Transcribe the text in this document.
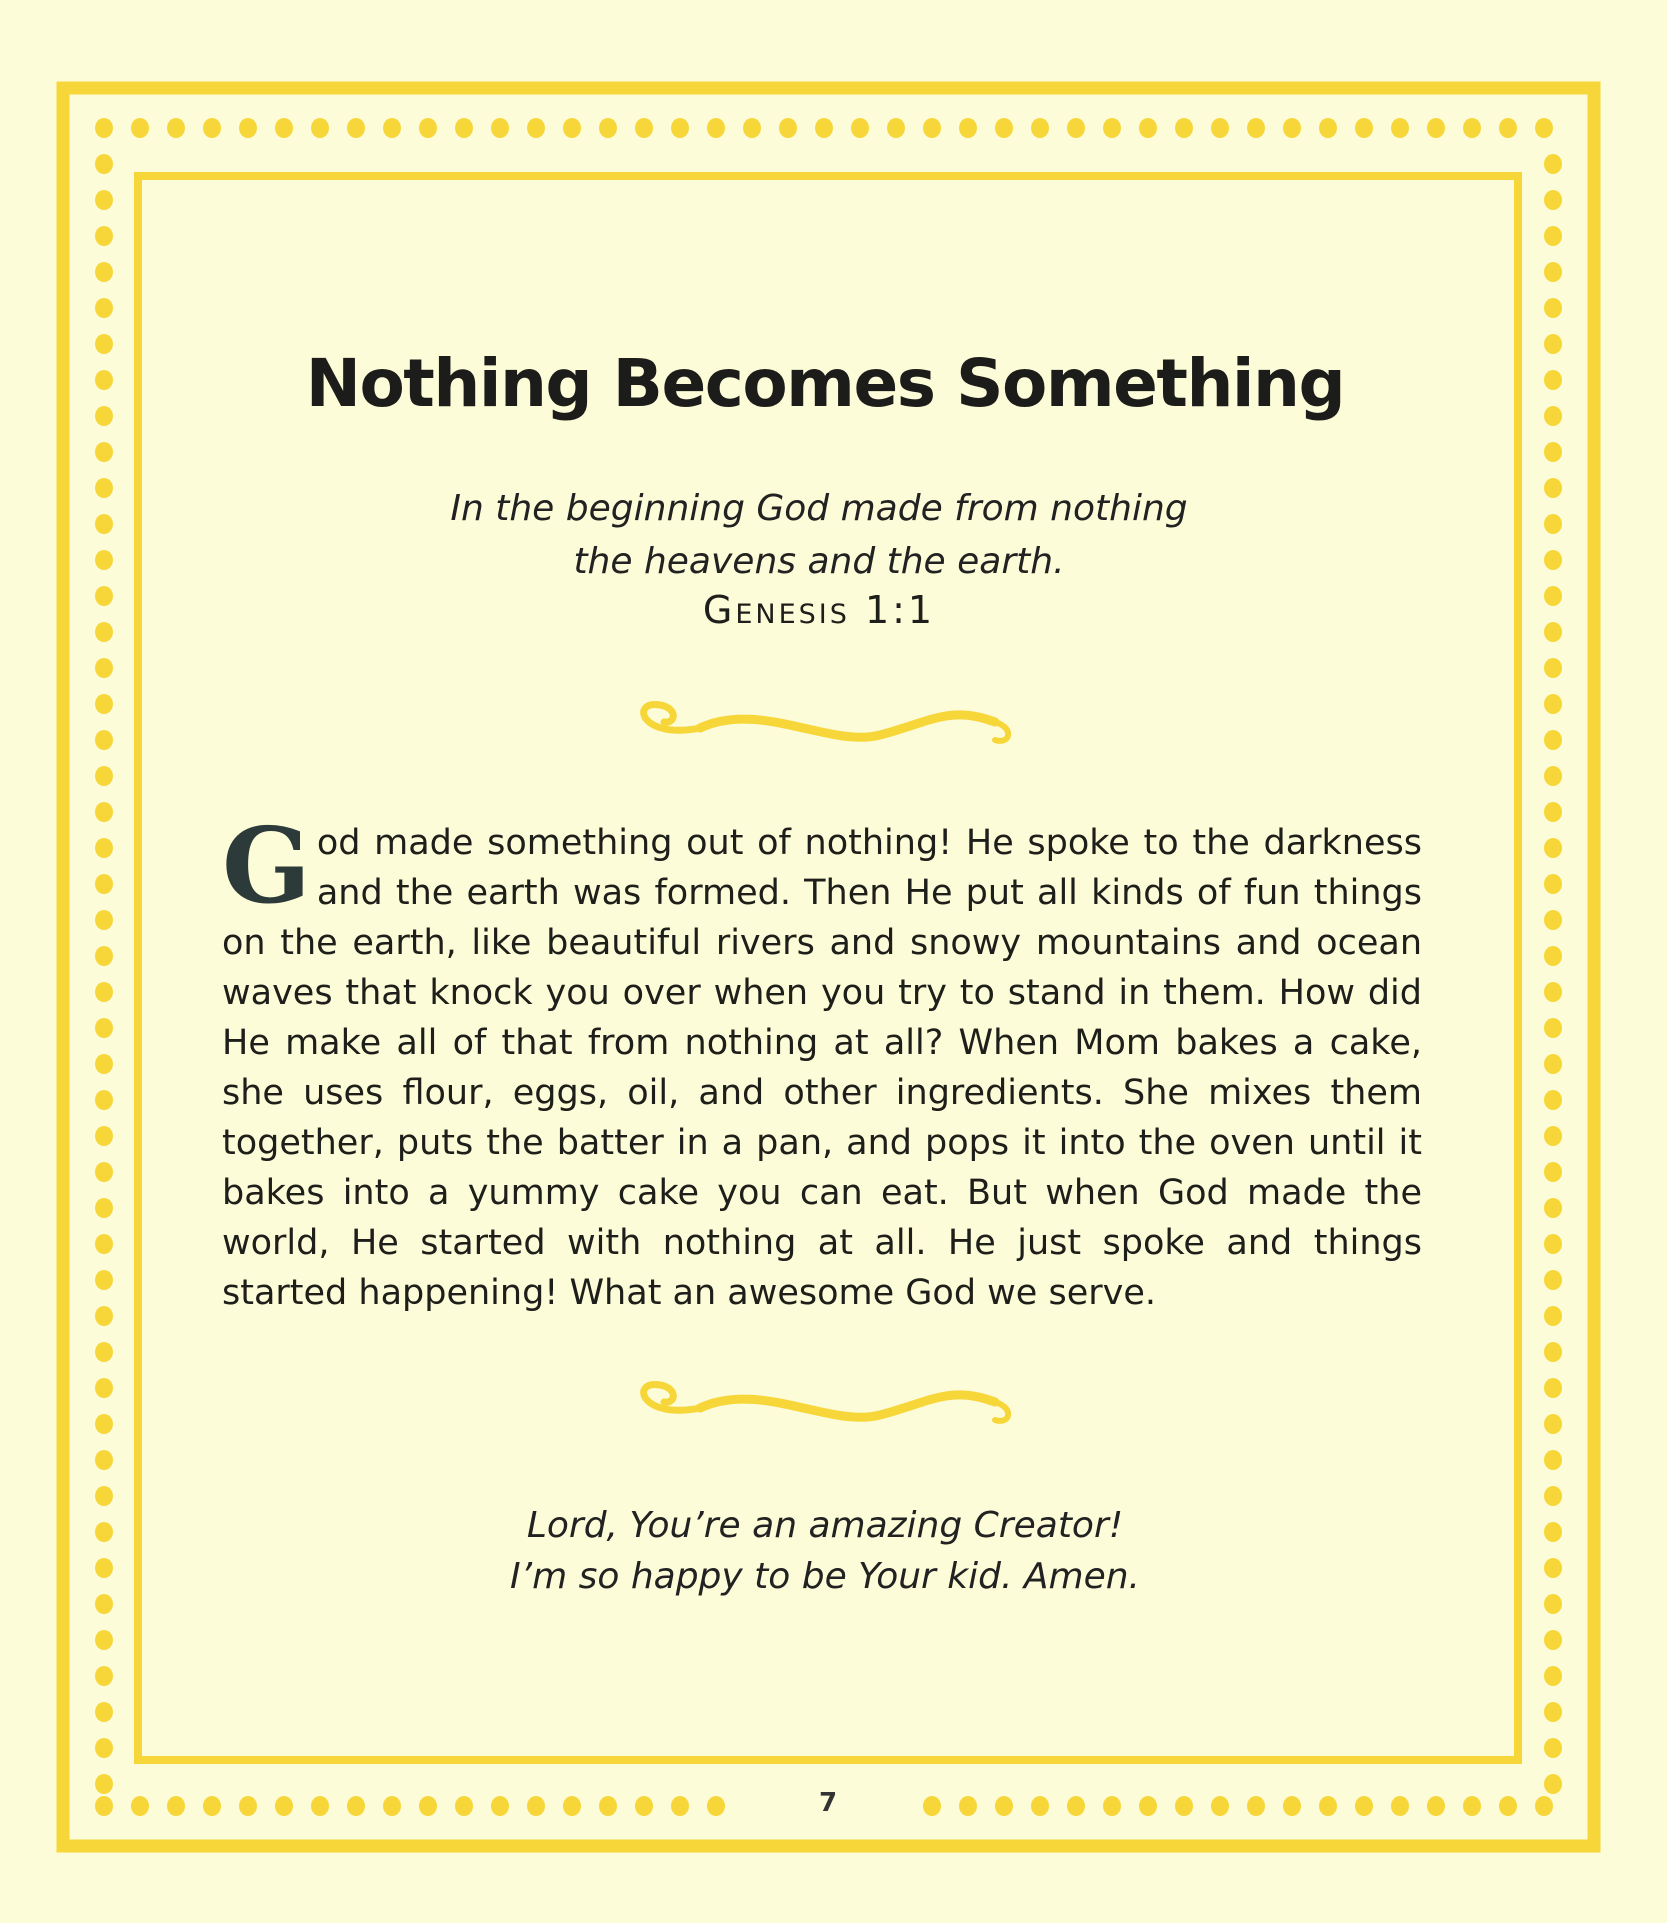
Nothing Becomes Something
In the beginning God made from nothing
the heavens and the earth.
Genesis 1:1
G od made something out of nothing! He spoke to the darkness and the earth was formed. Then He put all kinds of fun things on the earth, like beautiful rivers and snowy mountains and ocean waves that knock you over when you try to stand in them. How did He make all of that from nothing at all? When Mom bakes a cake, she uses flour, eggs, oil, and other ingredients. She mixes them together, puts the batter in a pan, and pops it into the oven until it bakes into a yummy cake you can eat. But when God made the world, He started with nothing at all. He just spoke and things started happening! What an awesome God we serve.
Lord, You’re an amazing Creator!
I’m so happy to be Your kid. Amen.
7
